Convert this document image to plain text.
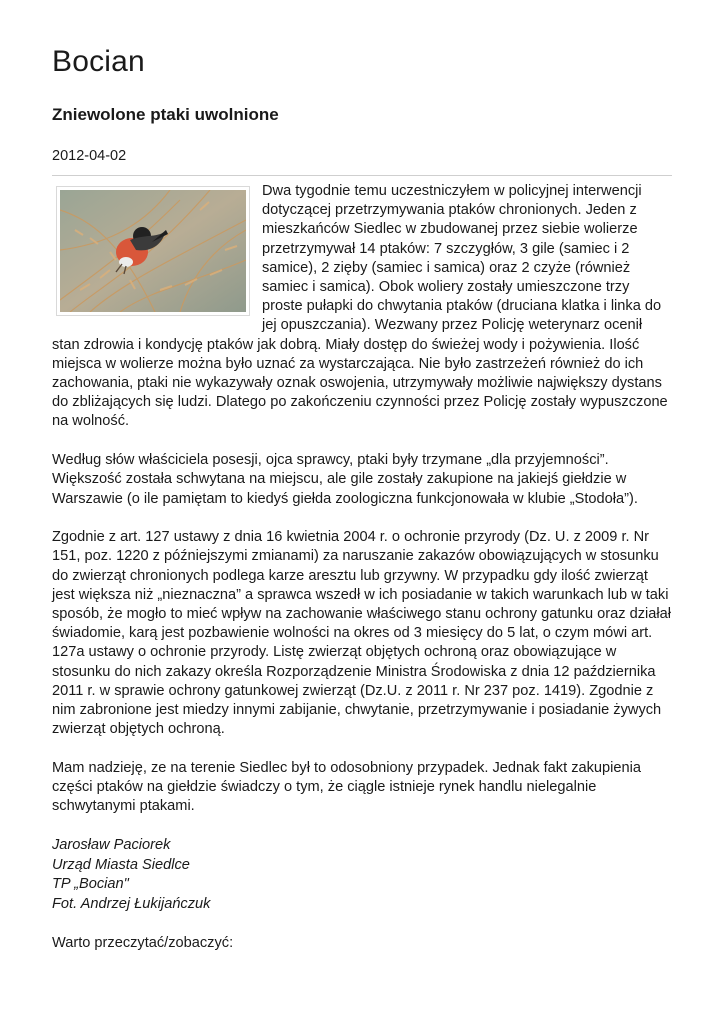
Bocian
Zniewolone ptaki uwolnione
2012-04-02

Dwa tygodnie temu uczestniczyłem w policyjnej interwencji dotyczącej przetrzymywania ptaków chronionych. Jeden z mieszkańców Siedlec w zbudowanej przez siebie wolierze przetrzymywał 14 ptaków: 7 szczygłów, 3 gile (samiec i 2 samice), 2 zięby (samiec i samica) oraz 2 czyże (również samiec i samica). Obok woliery zostały umieszczone trzy proste pułapki do chwytania ptaków (druciana klatka i linka do jej opuszczania). Wezwany przez Policję weterynarz ocenił stan zdrowia i kondycję ptaków jak dobrą. Miały dostęp do świeżej wody i pożywienia. Ilość miejsca w wolierze można było uznać za wystarczająca. Nie było zastrzeżeń również do ich zachowania, ptaki nie wykazywały oznak oswojenia, utrzymywały możliwie największy dystans do zbliżających się ludzi. Dlatego po zakończeniu czynności przez Policję zostały wypuszczone na wolność.

Według słów właściciela posesji, ojca sprawcy, ptaki były trzymane „dla przyjemności”. Większość została schwytana na miejscu, ale gile zostały zakupione na jakiejś giełdzie w Warszawie (o ile pamiętam to kiedyś giełda zoologiczna funkcjonowała w klubie „Stodoła”).

Zgodnie z art. 127 ustawy z dnia 16 kwietnia 2004 r. o ochronie przyrody (Dz. U. z 2009 r. Nr 151, poz. 1220 z późniejszymi zmianami) za naruszanie zakazów obowiązujących w stosunku do zwierząt chronionych podlega karze aresztu lub grzywny. W przypadku gdy ilość zwierząt jest większa niż „nieznaczna” a sprawca wszedł w ich posiadanie w takich warunkach lub w taki sposób, że mogło to mieć wpływ na zachowanie właściwego stanu ochrony gatunku oraz działał świadomie, karą jest pozbawienie wolności na okres od 3 miesięcy do 5 lat, o czym mówi art. 127a ustawy o ochronie przyrody. Listę zwierząt objętych ochroną oraz obowiązujące w stosunku do nich zakazy określa Rozporządzenie Ministra Środowiska z dnia 12 października 2011 r. w sprawie ochrony gatunkowej zwierząt (Dz.U. z 2011 r. Nr 237 poz. 1419). Zgodnie z nim zabronione jest miedzy innymi zabijanie, chwytanie, przetrzymywanie i posiadanie żywych zwierząt objętych ochroną.

Mam nadzieję, ze na terenie Siedlec był to odosobniony przypadek. Jednak fakt zakupienia części ptaków na giełdzie świadczy o tym, że ciągle istnieje rynek handlu nielegalnie schwytanymi ptakami.

Jarosław Paciorek
Urząd Miasta Siedlce
TP „Bocian"
Fot. Andrzej Łukijańczuk

Warto przeczytać/zobaczyć:
